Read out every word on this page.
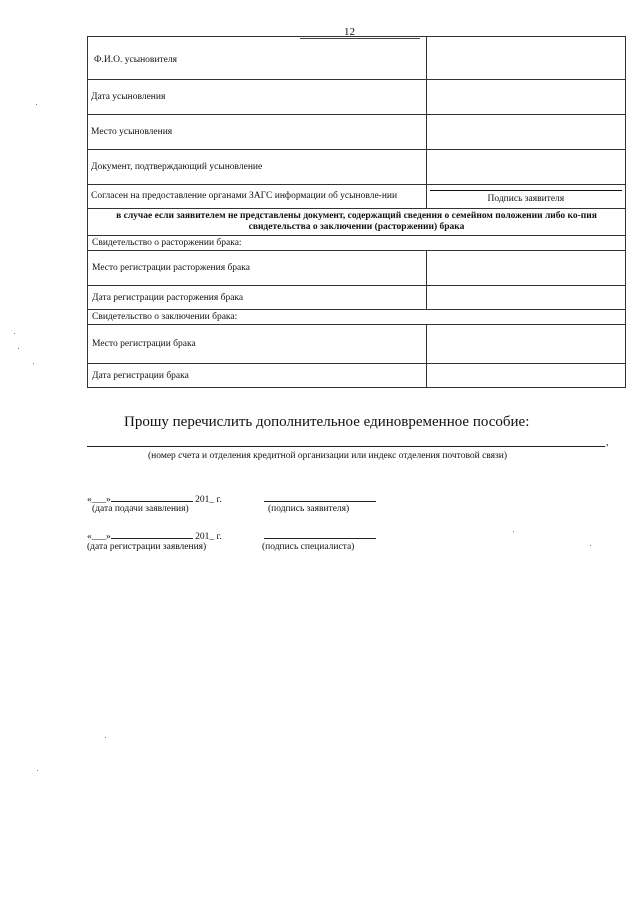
12
Ф.И.О. усыновителя	
Дата усыновления	
Место усыновления	
Документ, подтверждающий усыновление	
Согласен на предоставление органами ЗАГС информации об усыновле-нии	Подпись заявителя

в случае если заявителем не представлены документ, содержащий сведения о семейном положении либо ко-пия свидетельства о заключении (расторжении) брака	
Свидетельство о расторжении брака:	
Место регистрации расторжения брака	
Дата регистрации расторжения брака	
Свидетельство о заключении брака:	
Место регистрации брака	
Дата регистрации брака	
Прошу перечислить дополнительное единовременное пособие:
,
(номер счета и отделения кредитной организации или индекс отделения почтовой связи)
«___»	201_ г.
(дата подачи заявления)	(подпись заявителя)
«___»	201_ г.
(дата регистрации заявления)	(подпись специалиста)
